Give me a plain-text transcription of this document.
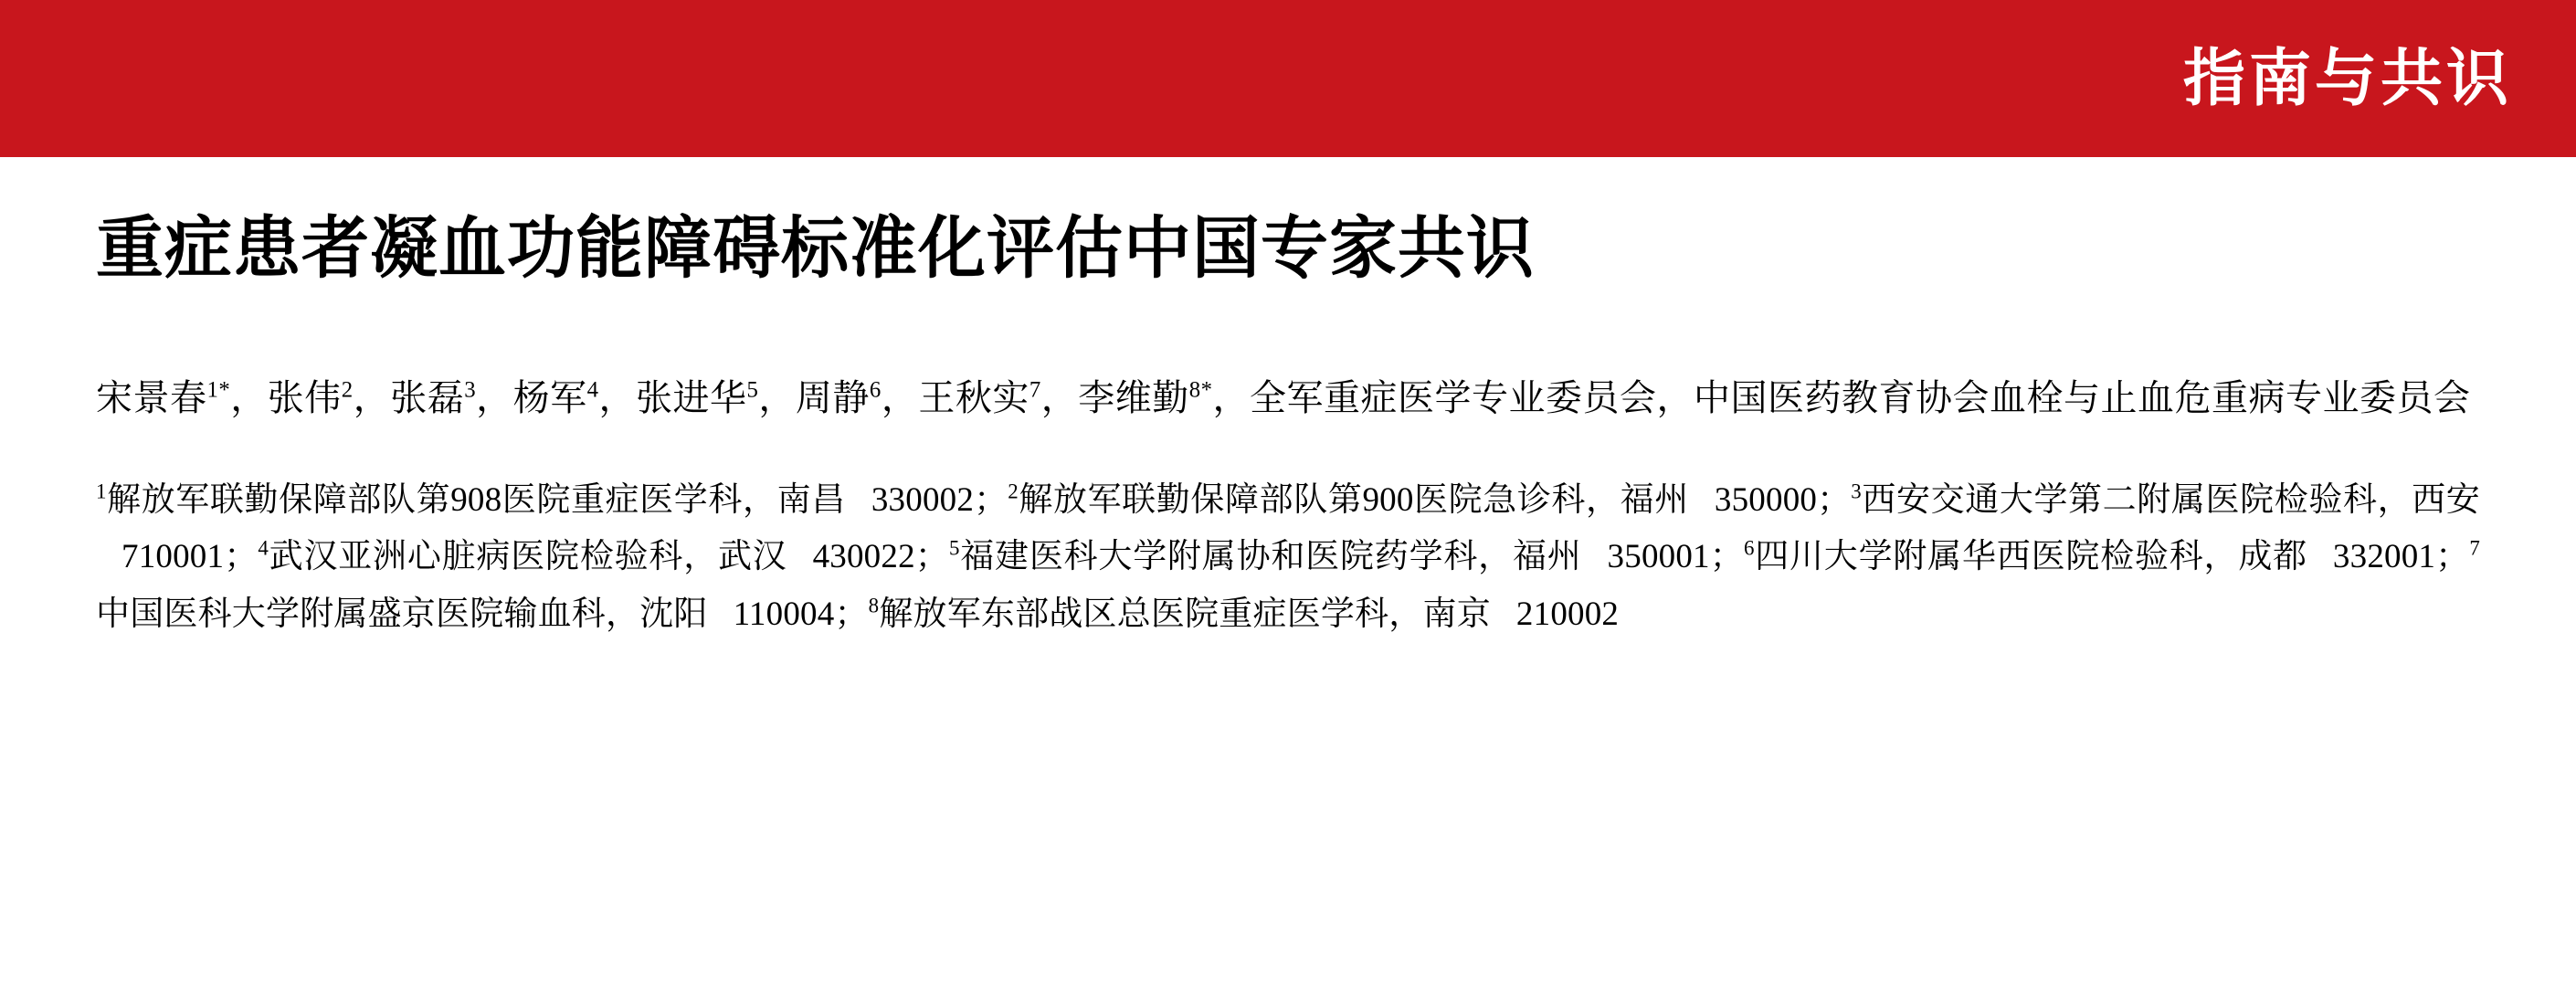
指南与共识
重症患者凝血功能障碍标准化评估中国专家共识
宋景春$^{1*}$，张伟$^2$，张磊$^3$，杨军$^4$，张进华$^5$，周静$^6$，王秋实$^7$，李维勤$^{8*}$，全军重症医学专业委员会，中国医药教育协会血栓与止血危重病专业委员会
$^1$解放军联勤保障部队第908医院重症医学科，南昌 330002；$^2$解放军联勤保障部队第900医院急诊科，福州 350000；$^3$西安交通大学第二附属医院检验科，西安710001；$^4$武汉亚洲心脏病医院检验科，武汉 430022；$^5$福建医科大学附属协和医院药学科，福州 350001；$^6$四川大学附属华西医院检验科，成都 332001；$^7$中国医科大学附属盛京医院输血科，沈阳 110004；$^8$解放军东部战区总医院重症医学科，南京 210002
